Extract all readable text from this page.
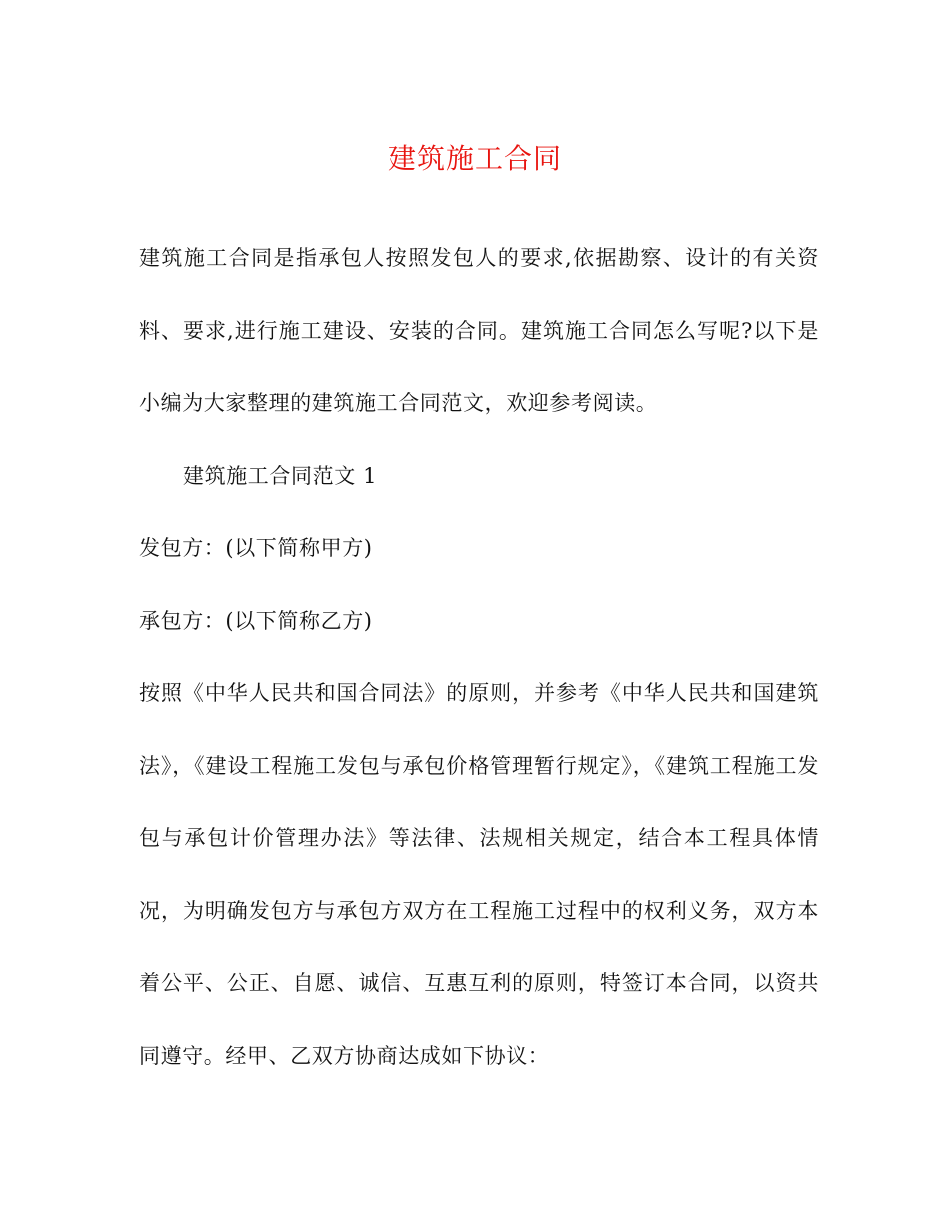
建筑施工合同

建筑施工合同是指承包人按照发包人的要求,依据勘察、设计的有关资料、要求,进行施工建设、安装的合同。建筑施工合同怎么写呢?以下是小编为大家整理的建筑施工合同范文，欢迎参考阅读。

建筑施工合同范文 1

发包方：(以下简称甲方)

承包方：(以下简称乙方)

按照《中华人民共和国合同法》的原则，并参考《中华人民共和国建筑法》，《建设工程施工发包与承包价格管理暂行规定》，《建筑工程施工发包与承包计价管理办法》等法律、法规相关规定，结合本工程具体情况，为明确发包方与承包方双方在工程施工过程中的权利义务，双方本着公平、公正、自愿、诚信、互惠互利的原则，特签订本合同，以资共同遵守。经甲、乙双方协商达成如下协议：
